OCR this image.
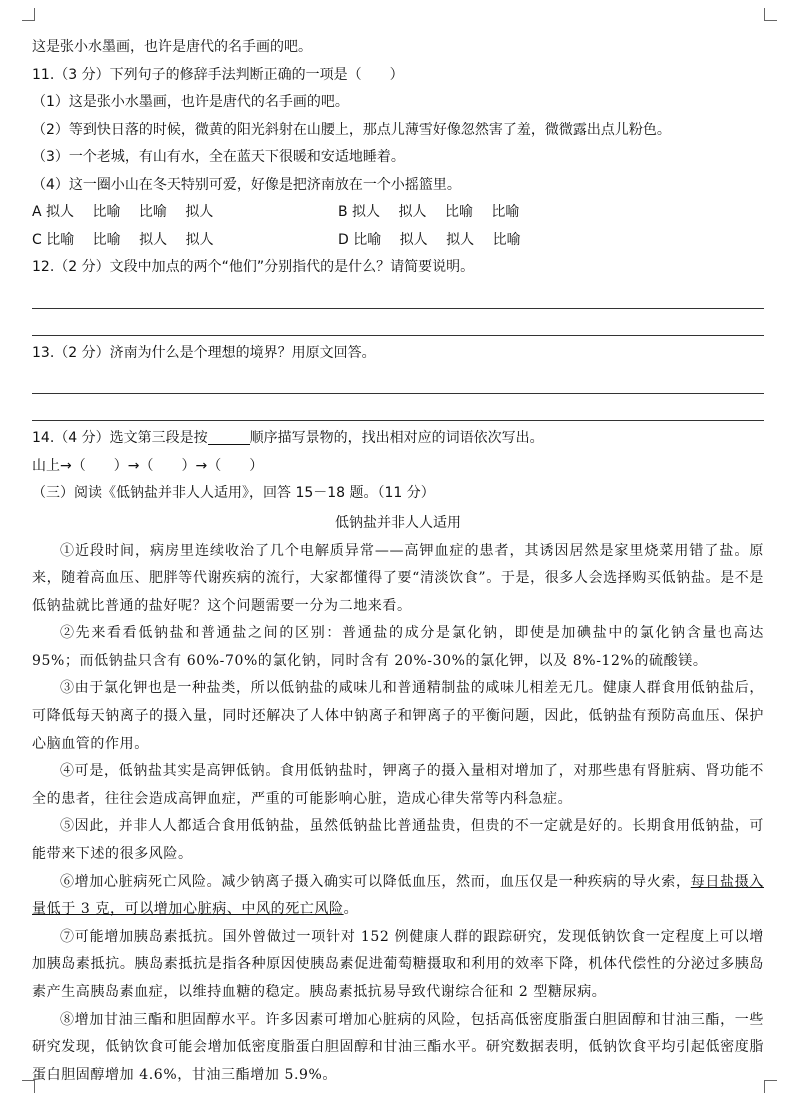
这是张小水墨画，也许是唐代的名手画的吧。
11.（3 分）下列句子的修辞手法判断正确的一项是（　　）
（1）这是张小水墨画，也许是唐代的名手画的吧。
（2）等到快日落的时候，微黄的阳光斜射在山腰上，那点儿薄雪好像忽然害了羞，微微露出点儿粉色。
（3）一个老城，有山有水，全在蓝天下很暖和安适地睡着。
（4）这一圈小山在冬天特别可爱，好像是把济南放在一个小摇篮里。
A 拟人　 比喻　 比喻　 拟人	B 拟人　 拟人　 比喻　 比喻
C 比喻　 比喻　 拟人　 拟人	D 比喻　 拟人　 拟人　 比喻
12.（2 分）文段中加点的两个“他们”分别指代的是什么？请简要说明。
13.（2 分）济南为什么是个理想的境界？用原文回答。
14.（4 分）选文第三段是按	顺序描写景物的，找出相对应的词语依次写出。
山上→（　　）→（　　）→（　　）
（三）阅读《低钠盐并非人人适用》，回答 15－18 题。（11 分）
低钠盐并非人人适用
①近段时间，病房里连续收治了几个电解质异常——高钾血症的患者，其诱因居然是家里烧菜用错了盐。原来，随着高血压、肥胖等代谢疾病的流行，大家都懂得了要“清淡饮食”。于是，很多人会选择购买低钠盐。是不是低钠盐就比普通的盐好呢？这个问题需要一分为二地来看。
②先来看看低钠盐和普通盐之间的区别：普通盐的成分是氯化钠，即使是加碘盐中的氯化钠含量也高达95%；而低钠盐只含有 60%-70%的氯化钠，同时含有 20%-30%的氯化钾，以及 8%-12%的硫酸镁。
③由于氯化钾也是一种盐类，所以低钠盐的咸味儿和普通精制盐的咸味儿相差无几。健康人群食用低钠盐后，可降低每天钠离子的摄入量，同时还解决了人体中钠离子和钾离子的平衡问题，因此，低钠盐有预防高血压、保护心脑血管的作用。
④可是，低钠盐其实是高钾低钠。食用低钠盐时，钾离子的摄入量相对增加了，对那些患有肾脏病、肾功能不全的患者，往往会造成高钾血症，严重的可能影响心脏，造成心律失常等内科急症。
⑤因此，并非人人都适合食用低钠盐，虽然低钠盐比普通盐贵，但贵的不一定就是好的。长期食用低钠盐，可能带来下述的很多风险。
⑥增加心脏病死亡风险。减少钠离子摄入确实可以降低血压，然而，血压仅是一种疾病的导火索，每日盐摄入量低于 3 克，可以增加心脏病、中风的死亡风险。
⑦可能增加胰岛素抵抗。国外曾做过一项针对 152 例健康人群的跟踪研究，发现低钠饮食一定程度上可以增加胰岛素抵抗。胰岛素抵抗是指各种原因使胰岛素促进葡萄糖摄取和利用的效率下降，机体代偿性的分泌过多胰岛素产生高胰岛素血症，以维持血糖的稳定。胰岛素抵抗易导致代谢综合征和 2 型糖尿病。
⑧增加甘油三酯和胆固醇水平。许多因素可增加心脏病的风险，包括高低密度脂蛋白胆固醇和甘油三酯，一些研究发现，低钠饮食可能会增加低密度脂蛋白胆固醇和甘油三酯水平。研究数据表明，低钠饮食平均引起低密度脂蛋白胆固醇增加 4.6%，甘油三酯增加 5.9%。
